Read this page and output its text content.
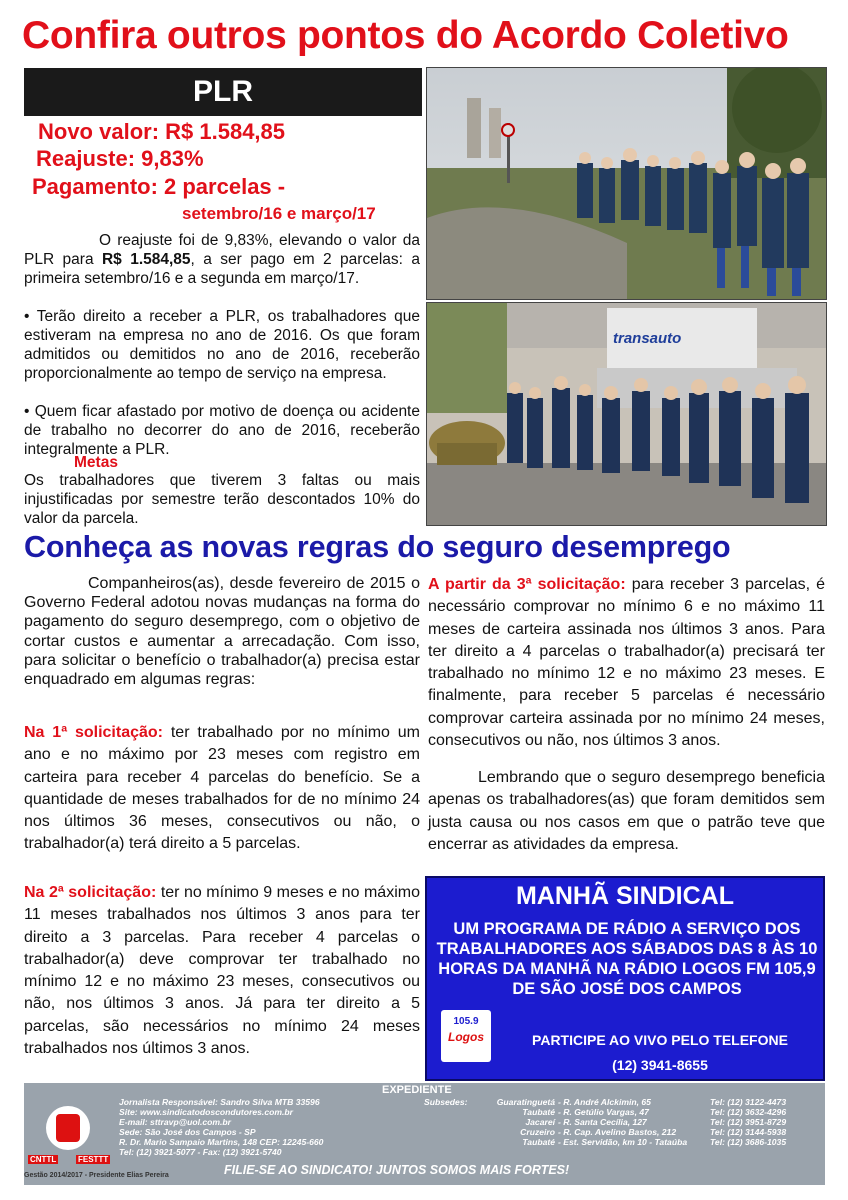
Confira outros pontos do Acordo Coletivo
PLR
Novo valor: R$ 1.584,85
Reajuste: 9,83%
Pagamento: 2 parcelas -
setembro/16 e março/17
O reajuste foi de 9,83%, elevando o valor da PLR para R$ 1.584,85, a ser pago em 2 parcelas: a primeira setembro/16 e a segunda em março/17.
• Terão direito a receber a PLR, os trabalhadores que estiveram na empresa no ano de 2016. Os que foram admitidos ou demitidos no ano de 2016, receberão proporcionalmente ao tempo de serviço na empresa.
• Quem ficar afastado por motivo de doença ou acidente de trabalho no decorrer do ano de 2016, receberão integralmente a PLR.
Metas
Os trabalhadores que tiverem 3 faltas ou mais injustificadas por semestre terão descontados 10% do valor da parcela.
transauto
Conheça as novas regras do seguro desemprego
Companheiros(as), desde fevereiro de 2015 o Governo Federal adotou novas mudanças na forma do pagamento do seguro desemprego, com o objetivo de cortar custos e aumentar a arrecadação. Com isso, para solicitar o benefício o trabalhador(a) precisa estar enquadrado em algumas regras:
Na 1ª solicitação: ter trabalhado por no mínimo um ano e no máximo por 23 meses com registro em carteira para receber 4 parcelas do benefício. Se a quantidade de meses trabalhados for de no mínimo 24 nos últimos 36 meses, consecutivos ou não, o trabalhador(a) terá direito a 5 parcelas.
Na 2ª solicitação: ter no mínimo 9 meses e no máximo 11 meses trabalhados nos últimos 3 anos para ter direito a 3 parcelas. Para receber 4 parcelas o trabalhador(a) deve comprovar ter trabalhado no mínimo 12 e no máximo 23 meses, consecutivos ou não, nos últimos 3 anos. Já para ter direito a 5 parcelas, são necessários no mínimo 24 meses trabalhados nos últimos 3 anos.
A partir da 3ª solicitação: para receber 3 parcelas, é necessário comprovar no mínimo 6 e no máximo 11 meses de carteira assinada nos últimos 3 anos. Para ter direito a 4 parcelas o trabalhador(a) precisará ter trabalhado no mínimo 12 e no máximo 23 meses. E finalmente, para receber 5 parcelas é necessário comprovar carteira assinada por no mínimo 24 meses, consecutivos ou não, nos últimos 3 anos.
Lembrando que o seguro desemprego beneficia apenas os trabalhadores(as) que foram demitidos sem justa causa ou nos casos em que o patrão teve que encerrar as atividades da empresa.
MANHÃ SINDICAL
UM PROGRAMA DE RÁDIO A SERVIÇO DOS TRABALHADORES AOS SÁBADOS DAS 8 ÀS 10 HORAS DA MANHÃ NA RÁDIO LOGOS FM 105,9 DE SÃO JOSÉ DOS CAMPOS
105.9
Logos	PARTICIPE AO VIVO PELO TELEFONE
(12) 3941-8655
EXPEDIENTE
CNTTL	FESTTT
Gestão 2014/2017 - Presidente Elias Pereira
Jornalista Responsável: Sandro Silva MTB 33596
Site: www.sindicatodoscondutores.com.br
E-mail: sttravp@uol.com.br
Sede: São José dos Campos - SP
R. Dr. Mario Sampaio Martins, 148 CEP: 12245-660
Tel: (12) 3921-5077 - Fax: (12) 3921-5740
Subsedes:	Guaratinguetá - R. André Alckimin, 65	Tel: (12) 3122-4473
Taubaté - R. Getúlio Vargas, 47	Tel: (12) 3632-4296
Jacareí - R. Santa Cecília, 127	Tel: (12) 3951-8729
Cruzeiro - R. Cap. Avelino Bastos, 212	Tel: (12) 3144-5938
Taubaté - Est. Servidão, km 10 - Tataúba	Tel: (12) 3686-1035
FILIE-SE AO SINDICATO! JUNTOS SOMOS MAIS FORTES!
